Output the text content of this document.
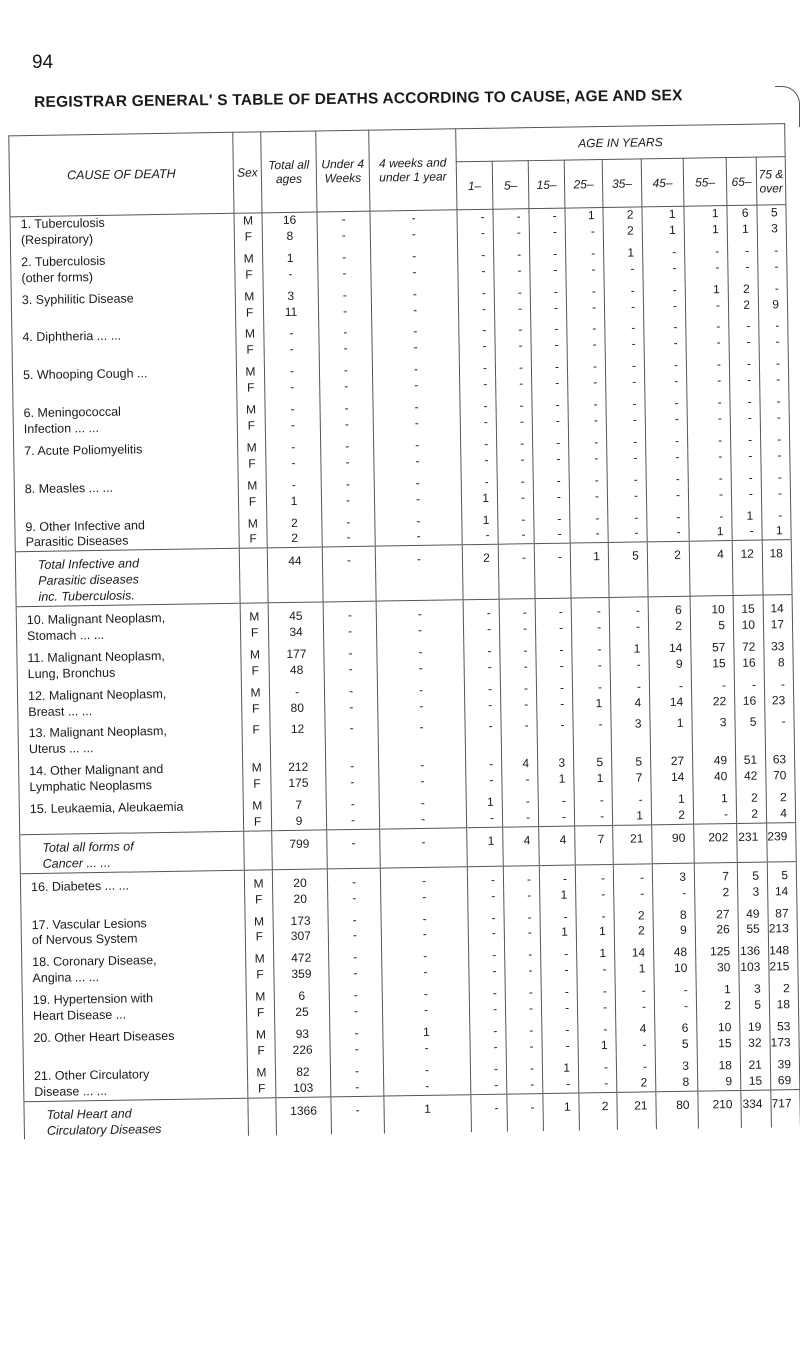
94
REGISTRAR GENERAL' S TABLE OF DEATHS ACCORDING TO CAUSE, AGE AND SEX
CAUSE OF DEATH	Sex	Total all ages	Under 4 Weeks	4 weeks and under 1 year	AGE IN YEARS								
					1–	5–	15–	25–	35–	45–	55–	65–	75 & over
1. Tuberculosis	M	16	-	-	-	-	-	1	2	1	1	6	5
(Respiratory)	F	8	-	-	-	-	-	-	2	1	1	1	3

2. Tuberculosis	M	1	-	-	-	-	-	-	1	-	-	-	-
(other forms)	F	-	-	-	-	-	-	-	-	-	-	-	-

3. Syphilitic Disease	M	3	-	-	-	-	-	-	-	-	1	2	-
	F	11	-	-	-	-	-	-	-	-	-	2	9

4. Diphtheria ... ...	M	-	-	-	-	-	-	-	-	-	-	-	-
	F	-	-	-	-	-	-	-	-	-	-	-	-

5. Whooping Cough ...	M	-	-	-	-	-	-	-	-	-	-	-	-
	F	-	-	-	-	-	-	-	-	-	-	-	-

6. Meningococcal	M	-	-	-	-	-	-	-	-	-	-	-	-
Infection ... ...	F	-	-	-	-	-	-	-	-	-	-	-	-

7. Acute Poliomyelitis	M	-	-	-	-	-	-	-	-	-	-	-	-
	F	-	-	-	-	-	-	-	-	-	-	-	-

8. Measles ... ...	M	-	-	-	-	-	-	-	-	-	-	-	-
	F	1	-	-	1	-	-	-	-	-	-	-	-

9. Other Infective and	M	2	-	-	1	-	-	-	-	-	-	1	-
Parasitic Diseases	F	2	-	-	-	-	-	-	-	-	1	-	1

Total Infective and		44	-	-	2	-	-	1	5	2	4	12	18
Parasitic diseases													
inc. Tuberculosis.													

10. Malignant Neoplasm,	M	45	-	-	-	-	-	-	-	6	10	15	14
Stomach ... ...	F	34	-	-	-	-	-	-	-	2	5	10	17

11. Malignant Neoplasm,	M	177	-	-	-	-	-	-	1	14	57	72	33
Lung, Bronchus	F	48	-	-	-	-	-	-	-	9	15	16	8

12. Malignant Neoplasm,	M	-	-	-	-	-	-	-	-	-	-	-	-
Breast ... ...	F	80	-	-	-	-	-	1	4	14	22	16	23

13. Malignant Neoplasm,	F	12	-	-	-	-	-	-	3	1	3	5	-
Uterus ... ...													

14. Other Malignant and	M	212	-	-	-	4	3	5	5	27	49	51	63
Lymphatic Neoplasms	F	175	-	-	-	-	1	1	7	14	40	42	70

15. Leukaemia, Aleukaemia	M	7	-	-	1	-	-	-	-	1	1	2	2
	F	9	-	-	-	-	-	-	1	2	-	2	4

Total all forms of		799	-	-	1	4	4	7	21	90	202	231	239
Cancer ... ...													

16. Diabetes ... ...	M	20	-	-	-	-	-	-	-	3	7	5	5
	F	20	-	-	-	-	1	-	-	-	2	3	14

17. Vascular Lesions	M	173	-	-	-	-	-	-	2	8	27	49	87
of Nervous System	F	307	-	-	-	-	1	1	2	9	26	55	213

18. Coronary Disease,	M	472	-	-	-	-	-	1	14	48	125	136	148
Angina ... ...	F	359	-	-	-	-	-	-	1	10	30	103	215

19. Hypertension with	M	6	-	-	-	-	-	-	-	-	1	3	2
Heart Disease ...	F	25	-	-	-	-	-	-	-	-	2	5	18

20. Other Heart Diseases	M	93	-	1	-	-	-	-	4	6	10	19	53
	F	226	-	-	-	-	-	1	-	5	15	32	173

21. Other Circulatory	M	82	-	-	-	-	1	-	-	3	18	21	39
Disease ... ...	F	103	-	-	-	-	-	-	2	8	9	15	69

Total Heart and		1366	-	1	-	-	1	2	21	80	210	334	717
Circulatory Diseases													
